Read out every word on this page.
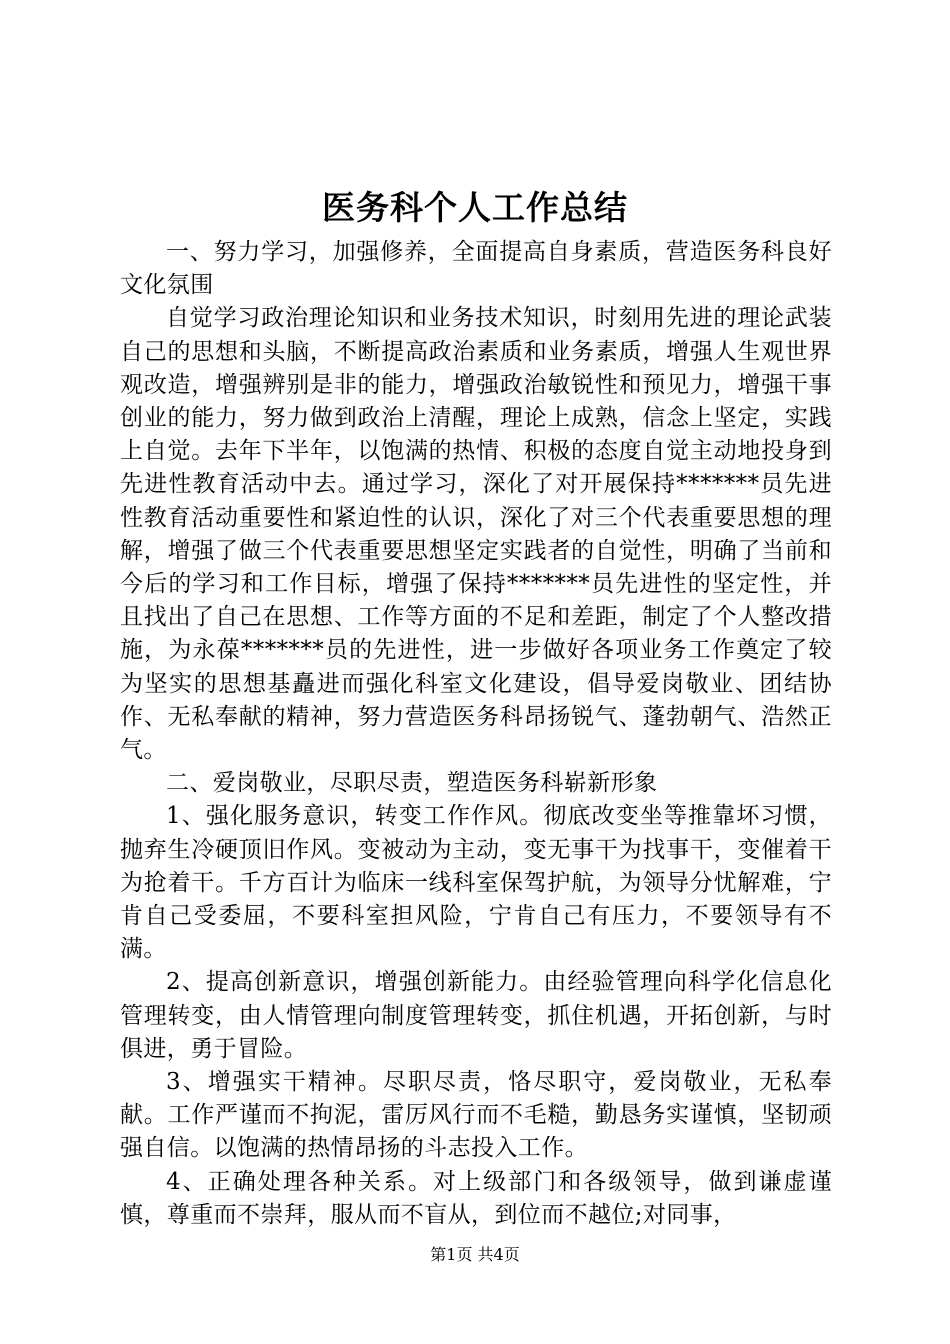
医务科个人工作总结

一、努力学习，加强修养，全面提高自身素质，营造医务科良好文化氛围

自觉学习政治理论知识和业务技术知识，时刻用先进的理论武装自己的思想和头脑，不断提高政治素质和业务素质，增强人生观世界观改造，增强辨别是非的能力，增强政治敏锐性和预见力，增强干事创业的能力，努力做到政治上清醒，理论上成熟，信念上坚定，实践上自觉。去年下半年，以饱满的热情、积极的态度自觉主动地投身到先进性教育活动中去。通过学习，深化了对开展保持*******员先进性教育活动重要性和紧迫性的认识，深化了对三个代表重要思想的理解，增强了做三个代表重要思想坚定实践者的自觉性，明确了当前和今后的学习和工作目标，增强了保持*******员先进性的坚定性，并且找出了自己在思想、工作等方面的不足和差距，制定了个人整改措施，为永葆*******员的先进性，进一步做好各项业务工作奠定了较为坚实的思想基矗进而强化科室文化建设，倡导爱岗敬业、团结协作、无私奉献的精神，努力营造医务科昂扬锐气、蓬勃朝气、浩然正气。

二、爱岗敬业，尽职尽责，塑造医务科崭新形象

1、强化服务意识，转变工作作风。彻底改变坐等推靠坏习惯，抛弃生冷硬顶旧作风。变被动为主动，变无事干为找事干，变催着干为抢着干。千方百计为临床一线科室保驾护航，为领导分忧解难，宁肯自己受委屈，不要科室担风险，宁肯自己有压力，不要领导有不满。

2、提高创新意识，增强创新能力。由经验管理向科学化信息化管理转变，由人情管理向制度管理转变，抓住机遇，开拓创新，与时俱进，勇于冒险。

3、增强实干精神。尽职尽责，恪尽职守，爱岗敬业，无私奉献。工作严谨而不拘泥，雷厉风行而不毛糙，勤恳务实谨慎，坚韧顽强自信。以饱满的热情昂扬的斗志投入工作。

4、正确处理各种关系。对上级部门和各级领导，做到谦虚谨慎，尊重而不崇拜，服从而不盲从，到位而不越位;对同事，

第1页 共4页
